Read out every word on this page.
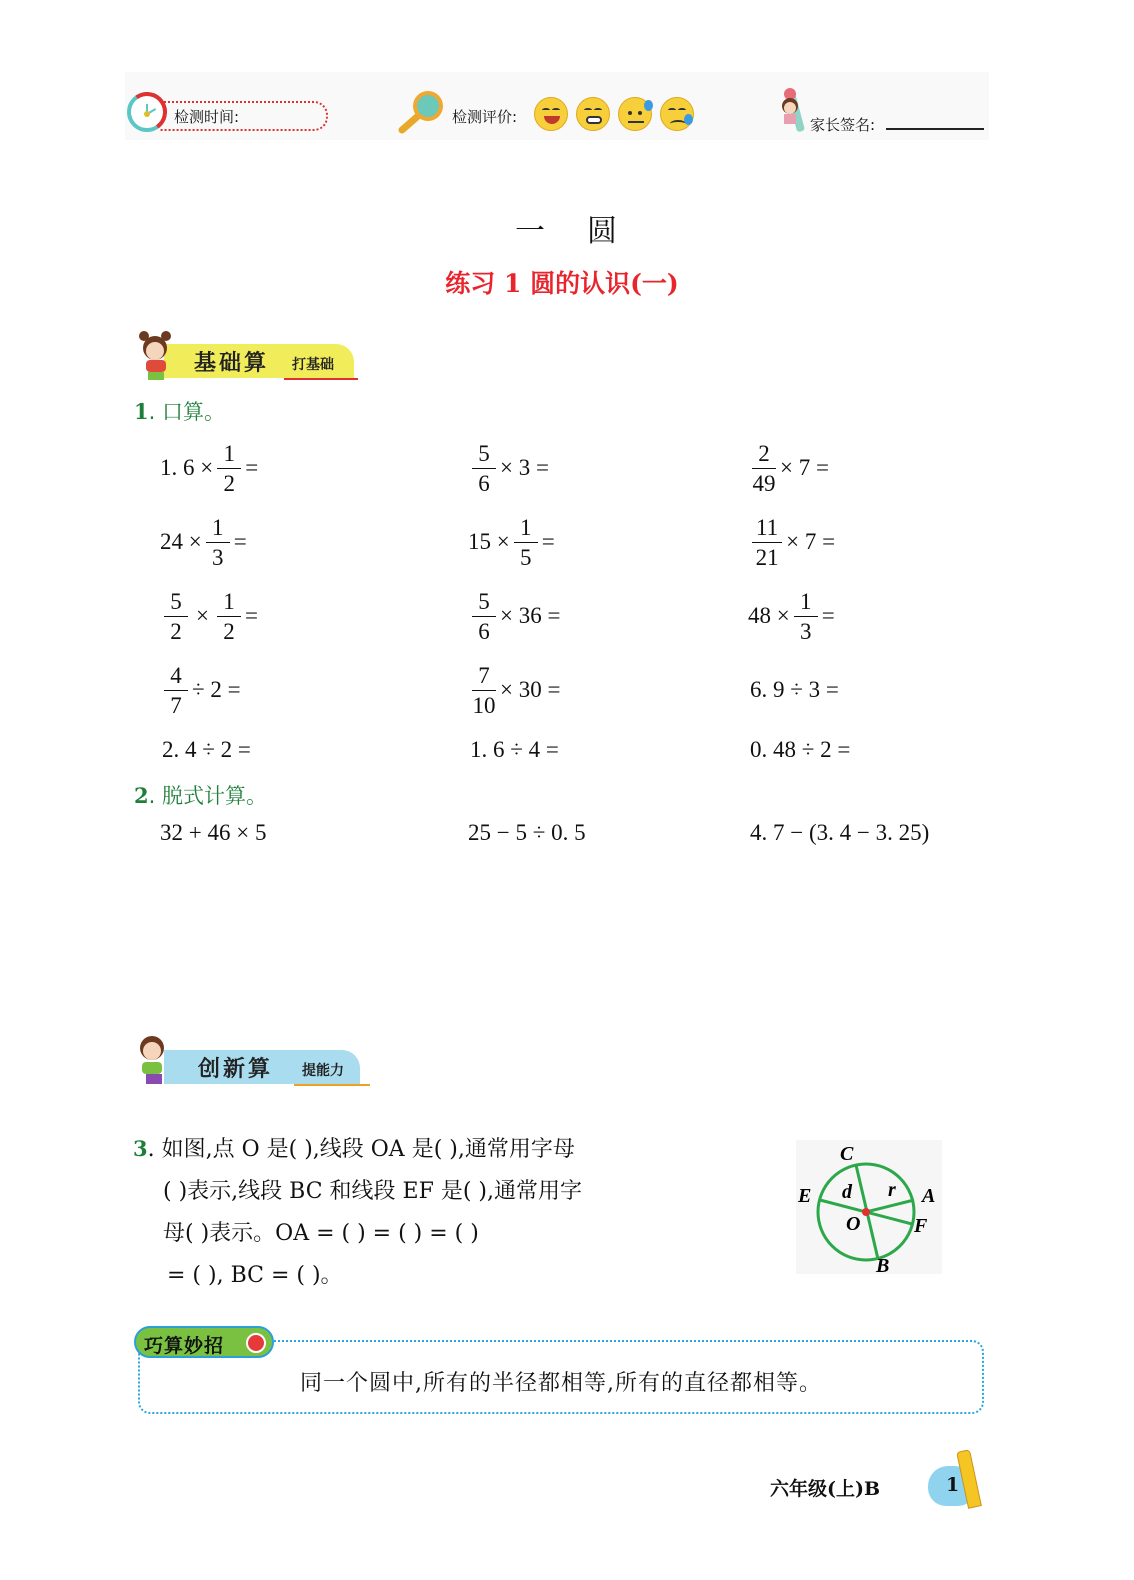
检测时间:	检测评价:	家长签名:
一 圆
练习 1 圆的认识(一)
基础算 打基础
1. 口算。
1. $6 \times \frac{1}{2}$ =	$\frac{5}{6} \times 3$ =	$\frac{2}{49} \times 7$ =
$24 \times \frac{1}{3}$ =	$15 \times \frac{1}{5}$ =	$\frac{11}{21} \times 7$ =
$\frac{5}{2} \times \frac{1}{2}$ =	$\frac{5}{6} \times 36$ =	$48 \times \frac{1}{3}$ =
$\frac{4}{7} \div 2$ =	$\frac{7}{10} \times 30$ =	6. 9 ÷ 3 =
2. 4 ÷ 2 =	1. 6 ÷ 4 =	0. 48 ÷ 2 =
2. 脱式计算。
32 + 46 × 5	25 − 5 ÷ 0. 5	4. 7 − (3. 4 − 3. 25)
创新算 提能力
3. 如图,点 O 是( ),线段 OA 是( ),通常用字母
( )表示,线段 BC 和线段 EF 是( ),通常用字
母( )表示。OA = ( ) = ( ) = ( )
= ( ), BC = ( )。
C
E d r A
O	F
B
巧算妙招
同一个圆中,所有的半径都相等,所有的直径都相等。
六年级(上)B	1
